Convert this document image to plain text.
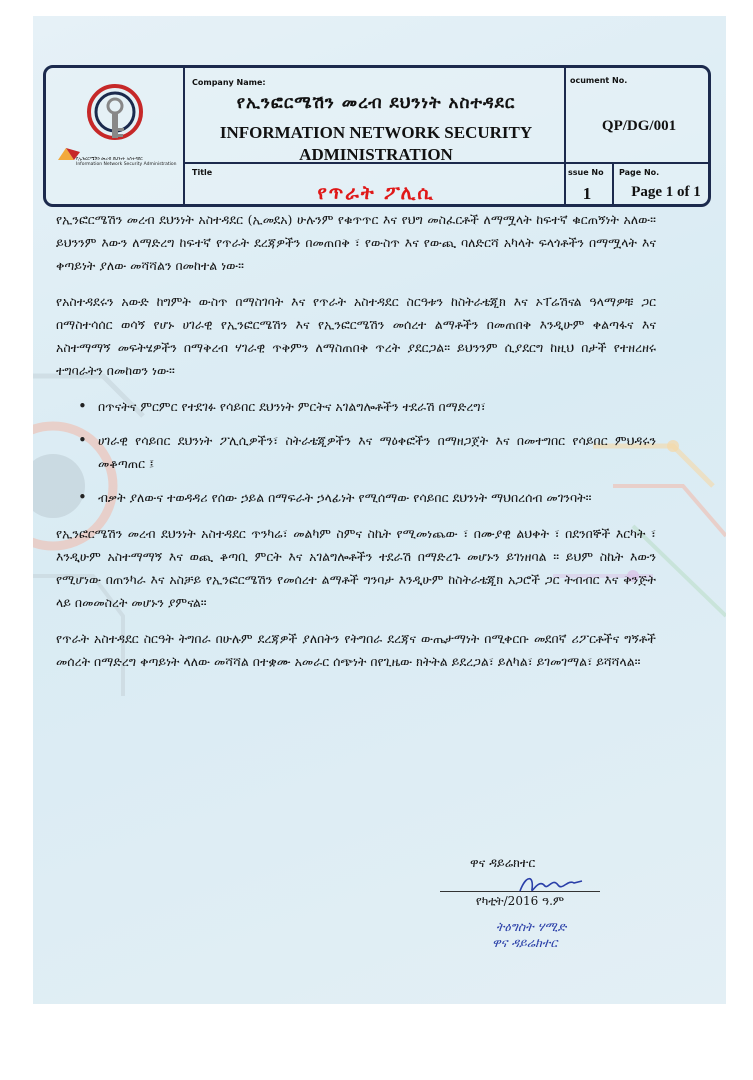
የኢንፎርሜሽን መረብ ደህንነት አስተዳደር
Information Network Security Administration
Company Name:
የኢንፎርሜሽን መረብ ደህንነት አስተዳደር
INFORMATION NETWORK SECURITY
ADMINISTRATION
ocument No.
QP/DG/001
Title
የጥራት ፖሊሲ
ssue No
1
Page No.
Page 1 of 1

የኢንፎርሜሽን መረብ ደህንነት አስተዳደር (ኢመደአ) ሁሉንም የቁጥጥር እና የህግ መስፈርቶች ለማሟላት ከፍተኛ ቁርጠኝነት አለው። ይህንንም እውን ለማድረግ ከፍተኛ የጥራት ደረጃዎችን በመጠበቅ ፣ የውስጥ እና የውጪ ባለድርሻ አካላት ፍላጎቶችን በማሟላት እና ቀጣይነት ያለው መሻሻልን በመከተል ነው።

የአስተዳደሩን አውድ ከግምት ውስጥ በማስገባት እና የጥራት አስተዳደር ስርዓቱን ከስትራቴጂክ እና ኦፐሬሽናል ዓላማዎቹ ጋር በማስተሳሰር ወሳኝ የሆኑ ሀገራዊ የኢንፎርሜሽን እና የኢንፎርሜሽን መሰረተ ልማቶችን በመጠበቅ እንዲሁም ቀልጣፋና እና አስተማማኝ መፍትሄዎችን በማቅረብ ሃገራዊ ጥቅምን ለማስጠበቅ ጥረት ያደርጋል። ይህንንም ሲያደርግ ከዚህ በታች የተዘረዘሩ ተግባራትን በመከወን ነው።

• በጥናትና ምርምር የተደገፉ የሳይበር ደህንነት ምርትና አገልግሎቶችን ተደራሽ በማድረግ፣
• ሀገራዊ የሳይበር ደህንነት ፖሊሲዎችን፣ ስትራቴጂዎችን እና ማዕቀፎችን በማዘጋጀት እና በመተግበር የሳይበር ምህዳሩን መቆጣጠር ፤
• ብቃት ያለውና ተወዳዳሪ የሰው ኃይል በማፍራት ኃላፊነት የሚሰማው የሳይበር ደህንነት ማህበረሰብ መገንባት።

የኢንፎርሜሽን መረብ ደህንነት አስተዳደር ጥንካሬ፣ መልካም ስምና ስኬት የሚመነጨው ፣ በሙያዊ ልህቀት ፣ በደንበኞች እርካት ፣ እንዲሁም አስተማማኝ እና ወጪ ቆጣቢ ምርት እና አገልግሎቶችን ተደራሽ በማድረጉ መሆኑን ይገነዘባል ። ይህም ስኬት እውን የሚሆነው በጠንካራ እና አስቻይ የኢንፎርሜሽን የመሰረተ ልማቶች ግንባታ እንዲሁም ከስትራቴጂክ አጋሮች ጋር ትብብር እና ቅንጅት ላይ በመመስረት መሆኑን ያምናል።

የጥራት አስተዳደር ስርዓት ትግበራ በሁሉም ደረጃዎች ያለበትን የትግበራ ደረጃና ውጤታማነት በሚቀርቡ መደበኛ ሪፖርቶችና ግኝቶች መሰረት በማድረግ ቀጣይነት ላለው መሻሻል በተቋሙ አመራር ሰጭነት በየጊዜው ክትትል ይደረጋል፣ ይለካል፣ ይገመገማል፣ ይሻሻላል።

ዋና ዳይሬክተር
የካቲት/2016 ዓ.ም
ትዕግስት ሃሚድ
ዋና ዳይሬክተር
